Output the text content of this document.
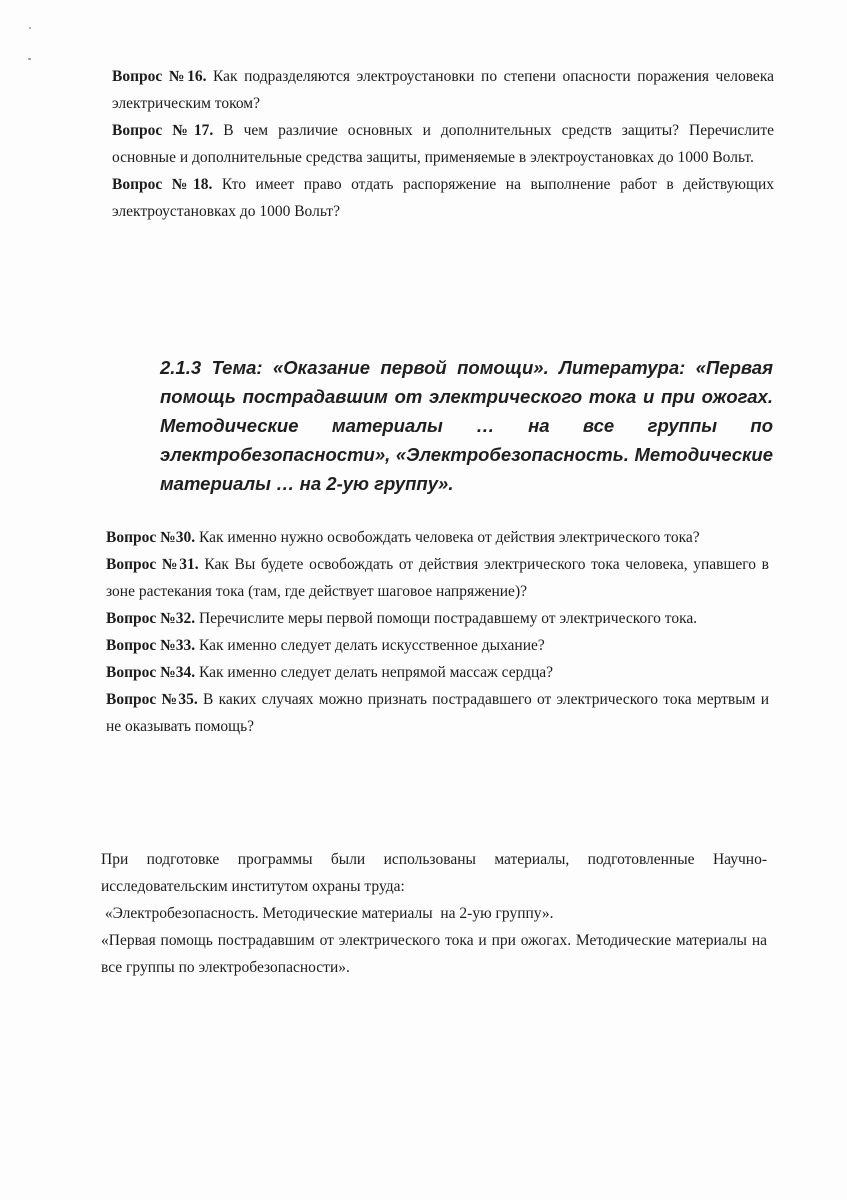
Вопрос №16. Как подразделяются электроустановки по степени опасности поражения человека электрическим током?

Вопрос №17. В чем различие основных и дополнительных средств защиты? Перечислите основные и дополнительные средства защиты, применяемые в электроустановках до 1000 Вольт.

Вопрос №18. Кто имеет право отдать распоряжение на выполнение работ в действующих электроустановках до 1000 Вольт?

2.1.3 Тема: «Оказание первой помощи». Литература: «Первая помощь пострадавшим от электрического тока и при ожогах. Методические материалы … на все группы по электробезопасности», «Электробезопасность. Методические материалы … на 2-ую группу».

Вопрос №30. Как именно нужно освобождать человека от действия электрического тока?

Вопрос №31. Как Вы будете освобождать от действия электрического тока человека, упавшего в зоне растекания тока (там, где действует шаговое напряжение)?

Вопрос №32. Перечислите меры первой помощи пострадавшему от электрического тока.

Вопрос №33. Как именно следует делать искусственное дыхание?

Вопрос №34. Как именно следует делать непрямой массаж сердца?

Вопрос №35. В каких случаях можно признать пострадавшего от электрического тока мертвым и не оказывать помощь?

При подготовке программы были использованы материалы, подготовленные Научно-исследовательским институтом охраны труда:

«Электробезопасность. Методические материалы  на 2-ую группу».

«Первая помощь пострадавшим от электрического тока и при ожогах. Методические материалы на все группы по электробезопасности».
